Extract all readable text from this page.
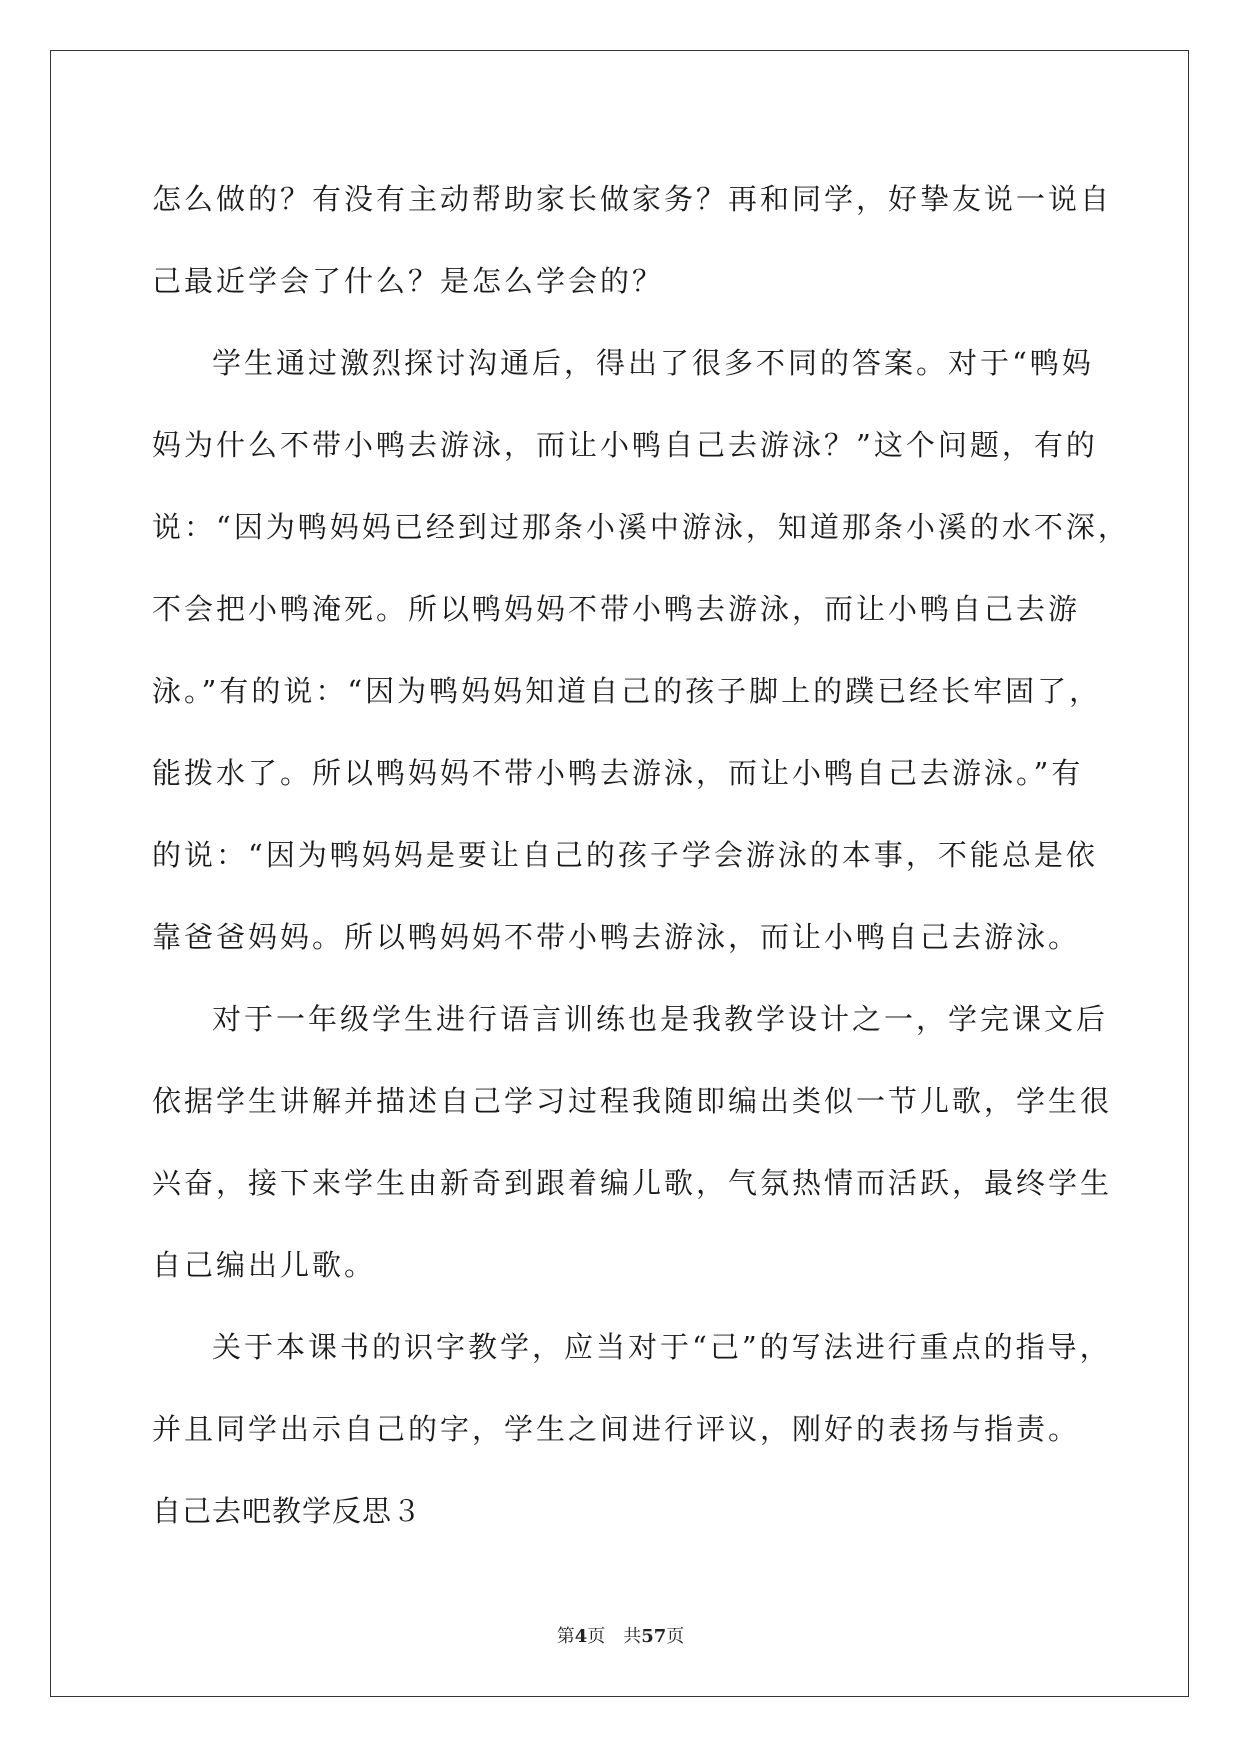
怎么做的？有没有主动帮助家长做家务？再和同学，好挚友说一说自
己最近学会了什么？是怎么学会的？
学生通过激烈探讨沟通后，得出了很多不同的答案。对于“鸭妈
妈为什么不带小鸭去游泳，而让小鸭自己去游泳？”这个问题，有的
说：“因为鸭妈妈已经到过那条小溪中游泳，知道那条小溪的水不深，
不会把小鸭淹死。所以鸭妈妈不带小鸭去游泳，而让小鸭自己去游
泳。”有的说：“因为鸭妈妈知道自己的孩子脚上的蹼已经长牢固了，
能拨水了。所以鸭妈妈不带小鸭去游泳，而让小鸭自己去游泳。”有
的说：“因为鸭妈妈是要让自己的孩子学会游泳的本事，不能总是依
靠爸爸妈妈。所以鸭妈妈不带小鸭去游泳，而让小鸭自己去游泳。
对于一年级学生进行语言训练也是我教学设计之一，学完课文后
依据学生讲解并描述自己学习过程我随即编出类似一节儿歌，学生很
兴奋，接下来学生由新奇到跟着编儿歌，气氛热情而活跃，最终学生
自己编出儿歌。
关于本课书的识字教学，应当对于“己”的写法进行重点的指导，
并且同学出示自己的字，学生之间进行评议，刚好的表扬与指责。
自己去吧教学反思３
第4页 共57页
